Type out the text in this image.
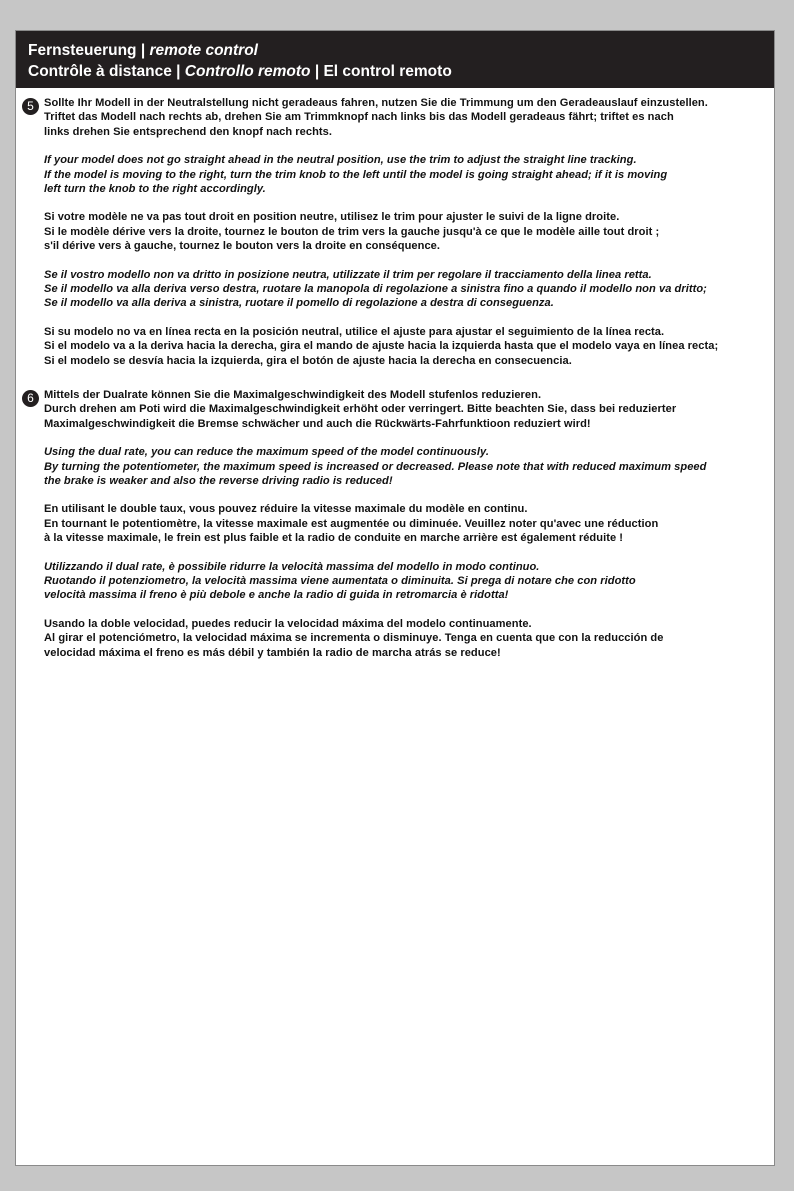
Fernsteuerung | remote control
Contrôle à distance | Controllo remoto | El control remoto
5 Sollte Ihr Modell in der Neutralstellung nicht geradeaus fahren, nutzen Sie die Trimmung um den Geradeauslauf einzustellen.
Triftet das Modell nach rechts ab, drehen Sie am Trimmknopf nach links bis das Modell geradeaus fährt; triftet es nach
links drehen Sie entsprechend den knopf nach rechts.

If your model does not go straight ahead in the neutral position, use the trim to adjust the straight line tracking.
If the model is moving to the right, turn the trim knob to the left until the model is going straight ahead; if it is moving
left turn the knob to the right accordingly.

Si votre modèle ne va pas tout droit en position neutre, utilisez le trim pour ajuster le suivi de la ligne droite.
Si le modèle dérive vers la droite, tournez le bouton de trim vers la gauche jusqu'à ce que le modèle aille tout droit ;
s'il dérive vers à gauche, tournez le bouton vers la droite en conséquence.

Se il vostro modello non va dritto in posizione neutra, utilizzate il trim per regolare il tracciamento della linea retta.
Se il modello va alla deriva verso destra, ruotare la manopola di regolazione a sinistra fino a quando il modello non va dritto;
Se il modello va alla deriva a sinistra, ruotare il pomello di regolazione a destra di conseguenza.

Si su modelo no va en línea recta en la posición neutral, utilice el ajuste para ajustar el seguimiento de la línea recta.
Si el modelo va a la deriva hacia la derecha, gira el mando de ajuste hacia la izquierda hasta que el modelo vaya en línea recta;
Si el modelo se desvía hacia la izquierda, gira el botón de ajuste hacia la derecha en consecuencia.

6 Mittels der Dualrate können Sie die Maximalgeschwindigkeit des Modell stufenlos reduzieren.
Durch drehen am Poti wird die Maximalgeschwindigkeit erhöht oder verringert. Bitte beachten Sie, dass bei reduzierter
Maximalgeschwindigkeit die Bremse schwächer und auch die Rückwärts-Fahrfunktioon reduziert wird!

Using the dual rate, you can reduce the maximum speed of the model continuously.
By turning the potentiometer, the maximum speed is increased or decreased. Please note that with reduced maximum speed
the brake is weaker and also the reverse driving radio is reduced!

En utilisant le double taux, vous pouvez réduire la vitesse maximale du modèle en continu.
En tournant le potentiomètre, la vitesse maximale est augmentée ou diminuée. Veuillez noter qu'avec une réduction
à la vitesse maximale, le frein est plus faible et la radio de conduite en marche arrière est également réduite !

Utilizzando il dual rate, è possibile ridurre la velocità massima del modello in modo continuo.
Ruotando il potenziometro, la velocità massima viene aumentata o diminuita. Si prega di notare che con ridotto
velocità massima il freno è più debole e anche la radio di guida in retromarcia è ridotta!

Usando la doble velocidad, puedes reducir la velocidad máxima del modelo continuamente.
Al girar el potenciómetro, la velocidad máxima se incrementa o disminuye. Tenga en cuenta que con la reducción de
velocidad máxima el freno es más débil y también la radio de marcha atrás se reduce!
